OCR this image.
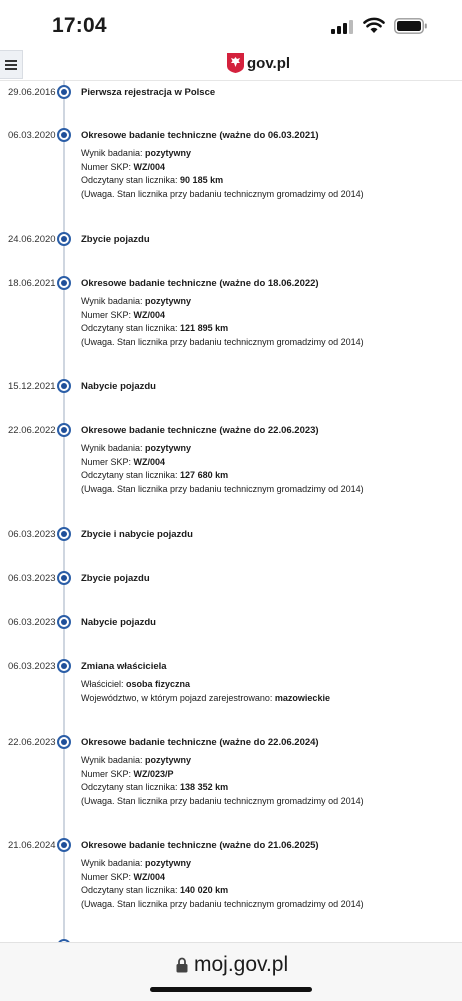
17:04
gov.pl
29.06.2016	Pierwsza rejestracja w Polsce
06.03.2020	Okresowe badanie techniczne (ważne do 06.03.2021)
Wynik badania: pozytywny
Numer SKP: WZ/004
Odczytany stan licznika: 90 185 km
(Uwaga. Stan licznika przy badaniu technicznym gromadzimy od 2014)
24.06.2020	Zbycie pojazdu
18.06.2021	Okresowe badanie techniczne (ważne do 18.06.2022)
Wynik badania: pozytywny
Numer SKP: WZ/004
Odczytany stan licznika: 121 895 km
(Uwaga. Stan licznika przy badaniu technicznym gromadzimy od 2014)
15.12.2021	Nabycie pojazdu
22.06.2022	Okresowe badanie techniczne (ważne do 22.06.2023)
Wynik badania: pozytywny
Numer SKP: WZ/004
Odczytany stan licznika: 127 680 km
(Uwaga. Stan licznika przy badaniu technicznym gromadzimy od 2014)
06.03.2023	Zbycie i nabycie pojazdu
06.03.2023	Zbycie pojazdu
06.03.2023	Nabycie pojazdu
06.03.2023	Zmiana właściciela
Właściciel: osoba fizyczna
Województwo, w którym pojazd zarejestrowano: mazowieckie
22.06.2023	Okresowe badanie techniczne (ważne do 22.06.2024)
Wynik badania: pozytywny
Numer SKP: WZ/023/P
Odczytany stan licznika: 138 352 km
(Uwaga. Stan licznika przy badaniu technicznym gromadzimy od 2014)
21.06.2024	Okresowe badanie techniczne (ważne do 21.06.2025)
Wynik badania: pozytywny
Numer SKP: WZ/004
Odczytany stan licznika: 140 020 km
(Uwaga. Stan licznika przy badaniu technicznym gromadzimy od 2014)
moj.gov.pl
